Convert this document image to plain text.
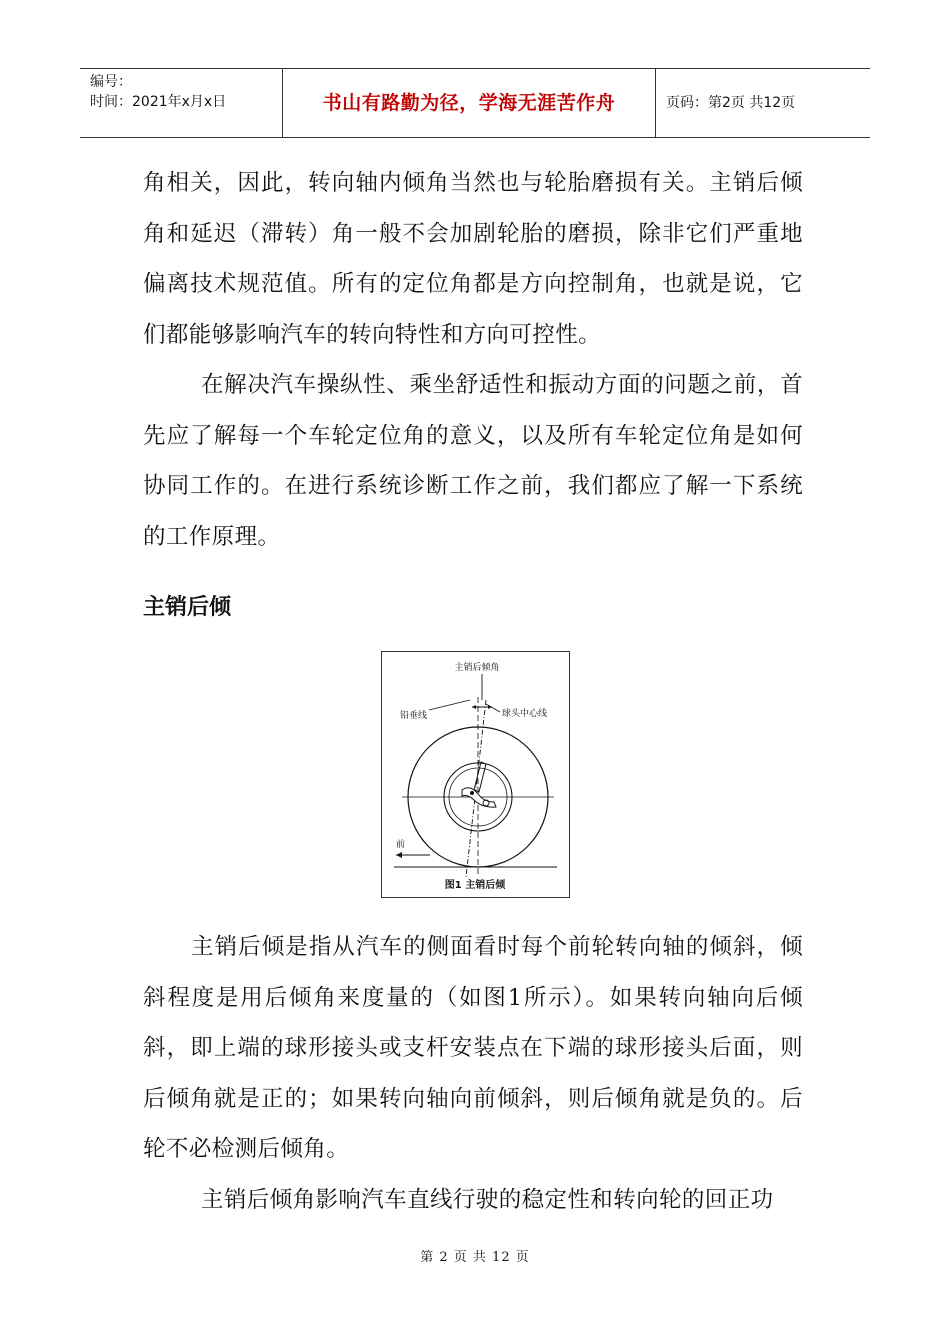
编号：
时间：2021年x月x日	书山有路勤为径，学海无涯苦作舟	页码：第2页 共12页
角相关，因此，转向轴内倾角当然也与轮胎磨损有关。主销后倾角和延迟（滞转）角一般不会加剧轮胎的磨损，除非它们严重地偏离技术规范值。所有的定位角都是方向控制角，也就是说，它们都能够影响汽车的转向特性和方向可控性。
在解决汽车操纵性、乘坐舒适性和振动方面的问题之前，首先应了解每一个车轮定位角的意义，以及所有车轮定位角是如何协同工作的。在进行系统诊断工作之前，我们都应了解一下系统的工作原理。
主销后倾
主销后倾角
铅垂线	球头中心线
前
图1 主销后倾
主销后倾是指从汽车的侧面看时每个前轮转向轴的倾斜，倾斜程度是用后倾角来度量的（如图1所示）。如果转向轴向后倾斜，即上端的球形接头或支杆安装点在下端的球形接头后面，则后倾角就是正的；如果转向轴向前倾斜，则后倾角就是负的。后轮不必检测后倾角。
主销后倾角影响汽车直线行驶的稳定性和转向轮的回正功
第 2 页 共 12 页
